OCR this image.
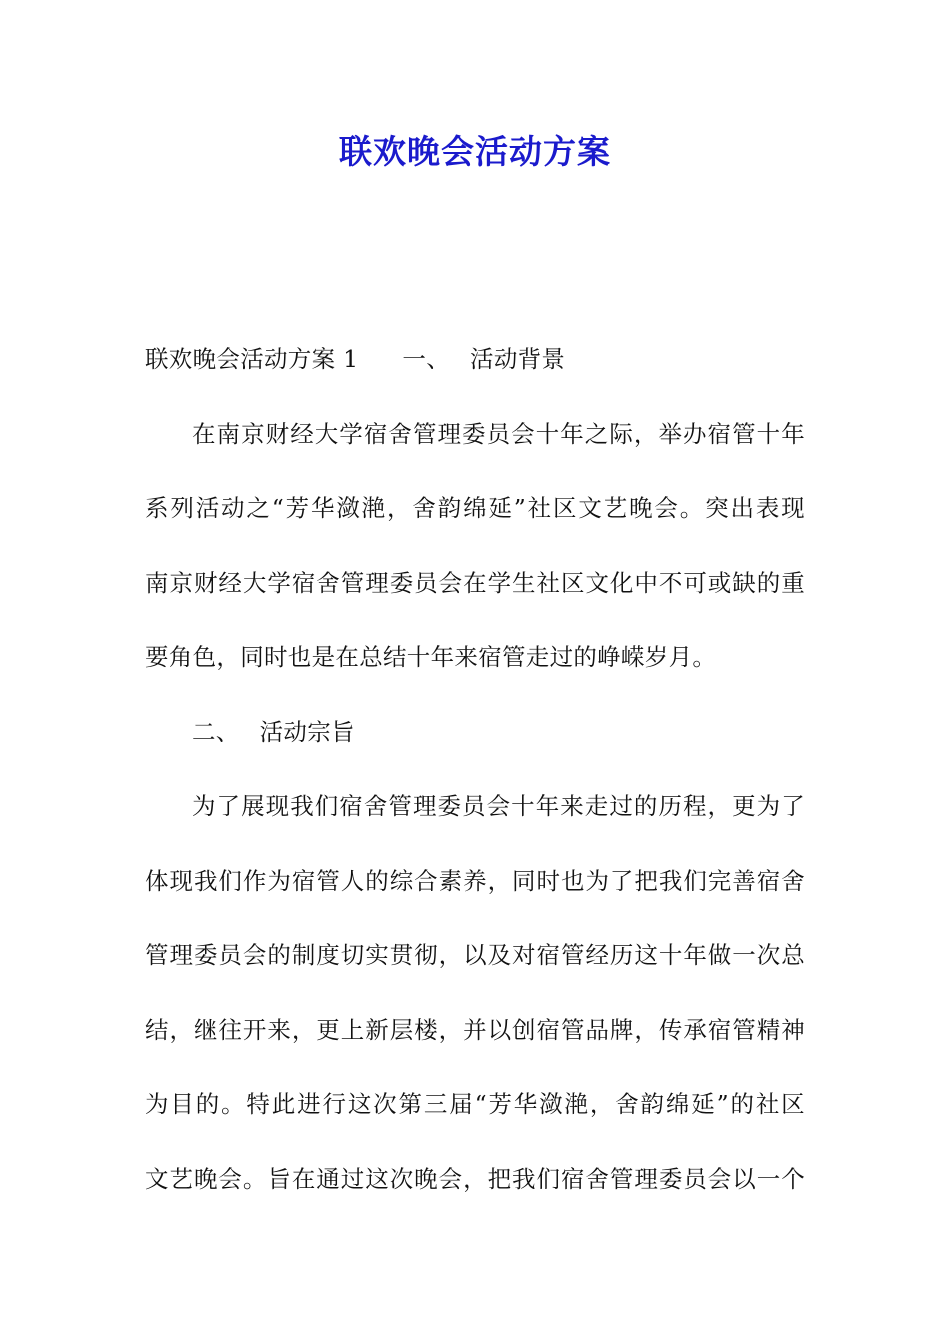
联欢晚会活动方案
联欢晚会活动方案 1 一、 活动背景
在南京财经大学宿舍管理委员会十年之际，举办宿管十年
系列活动之“芳华潋滟，舍韵绵延”社区文艺晚会。突出表现
南京财经大学宿舍管理委员会在学生社区文化中不可或缺的重
要角色，同时也是在总结十年来宿管走过的峥嵘岁月。
二、 活动宗旨
为了展现我们宿舍管理委员会十年来走过的历程，更为了
体现我们作为宿管人的综合素养，同时也为了把我们完善宿舍
管理委员会的制度切实贯彻，以及对宿管经历这十年做一次总
结，继往开来，更上新层楼，并以创宿管品牌，传承宿管精神
为目的。特此进行这次第三届“芳华潋滟，舍韵绵延”的社区
文艺晚会。旨在通过这次晚会，把我们宿舍管理委员会以一个
